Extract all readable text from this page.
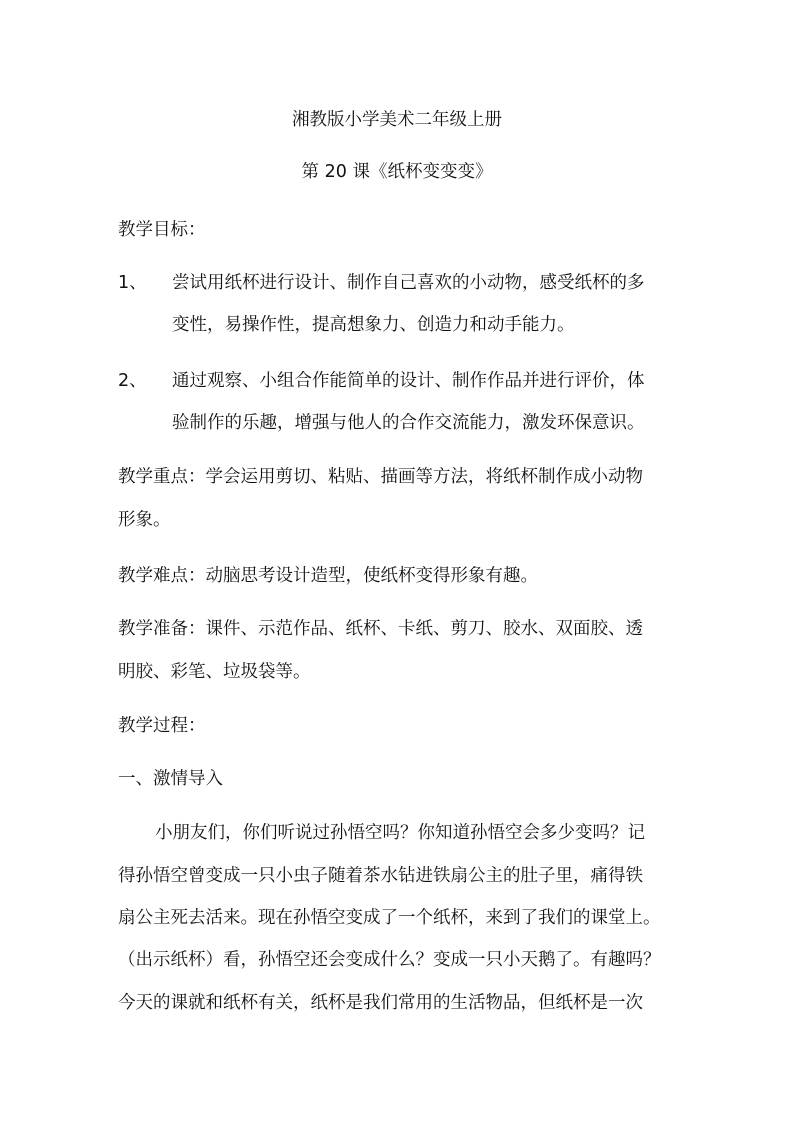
湘教版小学美术二年级上册
第 20 课《纸杯变变变》
教学目标：
1、 尝试用纸杯进行设计、制作自己喜欢的小动物，感受纸杯的多
变性，易操作性，提高想象力、创造力和动手能力。
2、 通过观察、小组合作能简单的设计、制作作品并进行评价，体
验制作的乐趣，增强与他人的合作交流能力，激发环保意识。
教学重点：学会运用剪切、粘贴、描画等方法，将纸杯制作成小动物
形象。
教学难点：动脑思考设计造型，使纸杯变得形象有趣。
教学准备：课件、示范作品、纸杯、卡纸、剪刀、胶水、双面胶、透
明胶、彩笔、垃圾袋等。
教学过程：
一、激情导入
小朋友们，你们听说过孙悟空吗？你知道孙悟空会多少变吗？记
得孙悟空曾变成一只小虫子随着茶水钻进铁扇公主的肚子里，痛得铁
扇公主死去活来。现在孙悟空变成了一个纸杯，来到了我们的课堂上。
（出示纸杯）看，孙悟空还会变成什么？变成一只小天鹅了。有趣吗？
今天的课就和纸杯有关，纸杯是我们常用的生活物品，但纸杯是一次
